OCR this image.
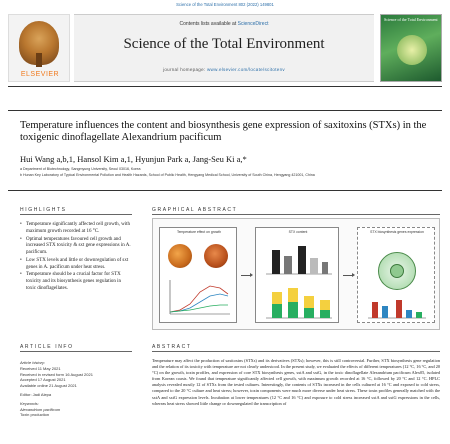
Science of the Total Environment 802 (2022) 149801
ELSEVIER
Contents lists available at ScienceDirect
Science of the Total Environment
journal homepage: www.elsevier.com/locate/scitotenv
Science of the Total Environment
Temperature influences the content and biosynthesis gene expression of saxitoxins (STXs) in the toxigenic dinoflagellate Alexandrium pacificum
Hui Wang a,b,1, Hansol Kim a,1, Hyunjun Park a, Jang-Seu Ki a,*
a Department of Biotechnology, Sangmyung University, Seoul 03016, Korea
b Hunan Key Laboratory of Typical Environmental Pollution and Health Hazards, School of Public Health, Hengyang Medical School, University of South China, Hengyang 421001, China
HIGHLIGHTS
• Temperature significantly affected cell growth, with maximum growth recorded at 16 °C.
• Optimal temperatures favoured cell growth and increased STX toxicity & sxt gene expressions in A. pacificum.
• Low STX levels and little or downregulation of sxt genes in A. pacificum under heat stress.
• Temperature should be a crucial factor for STX toxicity and its biosynthesis genes regulation in toxic dinoflagellates.
GRAPHICAL ABSTRACT
Temperature effect on growth	STX content	STX biosynthesis genes expression
ARTICLE INFO
Article history:
Received 11 May 2021
Received in revised form 16 August 2021
Accepted 17 August 2021
Available online 21 August 2021
Editor: Jadi Alepa
Keywords:
Alexandrium pacificum
Toxin production
ABSTRACT
Temperature may affect the production of saxitoxins (STXs) and its derivatives (STXs); however, this is still controversial. Further, STX biosynthesis gene regulation and the relation of its toxicity with temperature are not clearly understood. In the present study, we evaluated the effects of different temperatures (12 °C, 16 °C, and 20 °C) on the growth, toxin profiles, and expression of core STX biosynthesis genes, sxtA and sxtG, in the toxic dinoflagellate Alexandrium pacificum Alex05, isolated from Korean coasts. We found that temperature significantly affected cell growth, with maximum growth recorded at 16 °C, followed by 20 °C and 12 °C. HPLC analysis revealed mostly 12 of STXs from the tested cultures. Interestingly, the contents of STXs increased in the cells cultured at 16 °C and exposed to cold stress, compared to the 20 °C culture and heat stress; however, toxin components were much more diverse under heat stress. These toxin profiles generally matched with the sxtA and sxtG expression levels. Incubation at lower temperatures (12 °C and 16 °C) and exposure to cold stress increased sxtA and sxtG expressions in the cells, whereas heat stress showed little change or downregulated the transcription of
